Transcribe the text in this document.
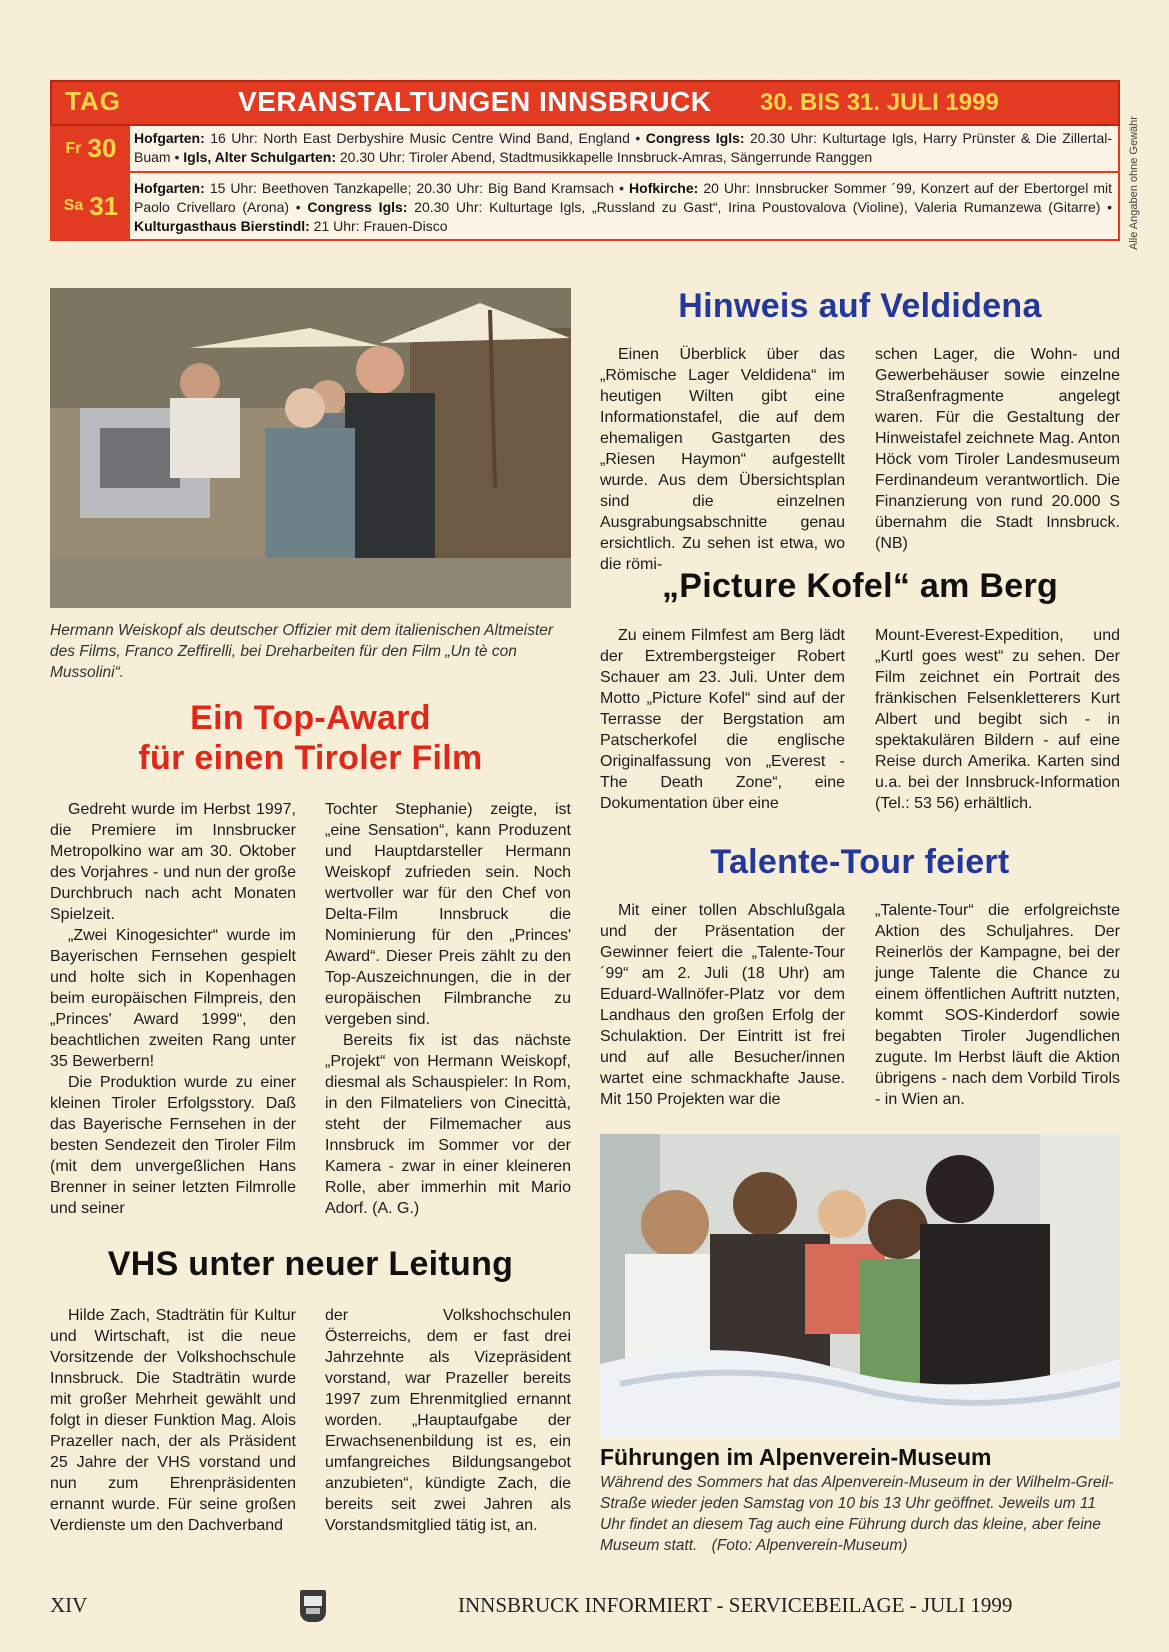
TAG	VERANSTALTUNGEN INNSBRUCK 30. BIS 31. JULI 1999
Fr 30 Hofgarten: 16 Uhr: North East Derbyshire Music Centre Wind Band, England • Congress Igls: 20.30 Uhr: Kulturtage Igls, Harry Prünster & Die Zillertal-Buam • Igls, Alter Schulgarten: 20.30 Uhr: Tiroler Abend, Stadtmusikkapelle Innsbruck-Amras, Sängerrunde Ranggen
Sa 31
Hofgarten: 15 Uhr: Beethoven Tanzkapelle; 20.30 Uhr: Big Band Kramsach • Hofkirche: 20 Uhr: Innsbrucker Sommer ´99, Konzert auf der Ebertorgel mit Paolo Crivellaro (Arona) • Congress Igls: 20.30 Uhr: Kulturtage Igls, „Russland zu Gast“, Irina Poustovalova (Violine), Valeria Rumanzewa (Gitarre) • Kulturgasthaus Bierstindl: 21 Uhr: Frauen-Disco	Alle Angaben ohne Gewähr
Hermann Weiskopf als deutscher Offizier mit dem italienischen Altmeister des Films, Franco Zeffirelli, bei Dreharbeiten für den Film „Un tè con Mussolini“.
Ein Top-Award
für einen Tiroler Film

Gedreht wurde im Herbst 1997, die Premiere im Innsbrucker Metropolkino war am 30. Oktober des Vorjahres - und nun der große Durchbruch nach acht Monaten Spielzeit.

„Zwei Kinogesichter“ wurde im Bayerischen Fernsehen gespielt und holte sich in Kopenhagen beim europäischen Filmpreis, den „Princes' Award 1999“, den beachtlichen zweiten Rang unter 35 Bewerbern!

Die Produktion wurde zu einer kleinen Tiroler Erfolgsstory. Daß das Bayerische Fernsehen in der besten Sendezeit den Tiroler Film (mit dem unvergeßlichen Hans Brenner in seiner letzten Filmrolle und seiner

Tochter Stephanie) zeigte, ist „eine Sensation“, kann Produzent und Hauptdarsteller Hermann Weiskopf zufrieden sein. Noch wertvoller war für den Chef von Delta-Film Innsbruck die Nominierung für den „Princes' Award“. Dieser Preis zählt zu den Top-Auszeichnungen, die in der europäischen Filmbranche zu vergeben sind.

Bereits fix ist das nächste „Projekt“ von Hermann Weiskopf, diesmal als Schauspieler: In Rom, in den Filmateliers von Cinecittà, steht der Filmemacher aus Innsbruck im Sommer vor der Kamera - zwar in einer kleineren Rolle, aber immerhin mit Mario Adorf. (A. G.)

VHS unter neuer Leitung

Hilde Zach, Stadträtin für Kultur und Wirtschaft, ist die neue Vorsitzende der Volkshochschule Innsbruck. Die Stadträtin wurde mit großer Mehrheit gewählt und folgt in dieser Funktion Mag. Alois Prazeller nach, der als Präsident 25 Jahre der VHS vorstand und nun zum Ehrenpräsidenten ernannt wurde. Für seine großen Verdienste um den Dachverband

der Volkshochschulen Österreichs, dem er fast drei Jahrzehnte als Vizepräsident vorstand, war Prazeller bereits 1997 zum Ehrenmitglied ernannt worden. „Hauptaufgabe der Erwachsenenbildung ist es, ein umfangreiches Bildungsangebot anzubieten“, kündigte Zach, die bereits seit zwei Jahren als Vorstandsmitglied tätig ist, an.

Hinweis auf Veldidena

Einen Überblick über das „Römische Lager Veldidena“ im heutigen Wilten gibt eine Informationstafel, die auf dem ehemaligen Gastgarten des „Riesen Haymon“ aufgestellt wurde. Aus dem Übersichtsplan sind die einzelnen Ausgrabungsabschnitte genau ersichtlich. Zu sehen ist etwa, wo die römi-

schen Lager, die Wohn- und Gewerbehäuser sowie einzelne Straßenfragmente angelegt waren. Für die Gestaltung der Hinweistafel zeichnete Mag. Anton Höck vom Tiroler Landesmuseum Ferdinandeum verantwortlich. Die Finanzierung von rund 20.000 S übernahm die Stadt Innsbruck. (NB)

„Picture Kofel“ am Berg

Zu einem Filmfest am Berg lädt der Extrembergsteiger Robert Schauer am 23. Juli. Unter dem Motto „Picture Kofel“ sind auf der Terrasse der Bergstation am Patscherkofel die englische Originalfassung von „Everest - The Death Zone“, eine Dokumentation über eine

Mount-Everest-Expedition, und „Kurtl goes west“ zu sehen. Der Film zeichnet ein Portrait des fränkischen Felsenkletterers Kurt Albert und begibt sich - in spektakulären Bildern - auf eine Reise durch Amerika. Karten sind u.a. bei der Innsbruck-Information (Tel.: 53 56) erhältlich.

Talente-Tour feiert

Mit einer tollen Abschlußgala und der Präsentation der Gewinner feiert die „Talente-Tour ´99“ am 2. Juli (18 Uhr) am Eduard-Wallnöfer-Platz vor dem Landhaus den großen Erfolg der Schulaktion. Der Eintritt ist frei und auf alle Besucher/innen wartet eine schmackhafte Jause. Mit 150 Projekten war die

„Talente-Tour“ die erfolgreichste Aktion des Schuljahres. Der Reinerlös der Kampagne, bei der junge Talente die Chance zu einem öffentlichen Auftritt nutzten, kommt SOS-Kinderdorf sowie begabten Tiroler Jugendlichen zugute. Im Herbst läuft die Aktion übrigens - nach dem Vorbild Tirols - in Wien an.

Führungen im Alpenverein-Museum
Während des Sommers hat das Alpenverein-Museum in der Wilhelm-Greil-Straße wieder jeden Samstag von 10 bis 13 Uhr geöffnet. Jeweils um 11 Uhr findet an diesem Tag auch eine Führung durch das kleine, aber feine Museum statt. (Foto: Alpenverein-Museum)
XIV	INNSBRUCK INFORMIERT - SERVICEBEILAGE - JULI 1999
